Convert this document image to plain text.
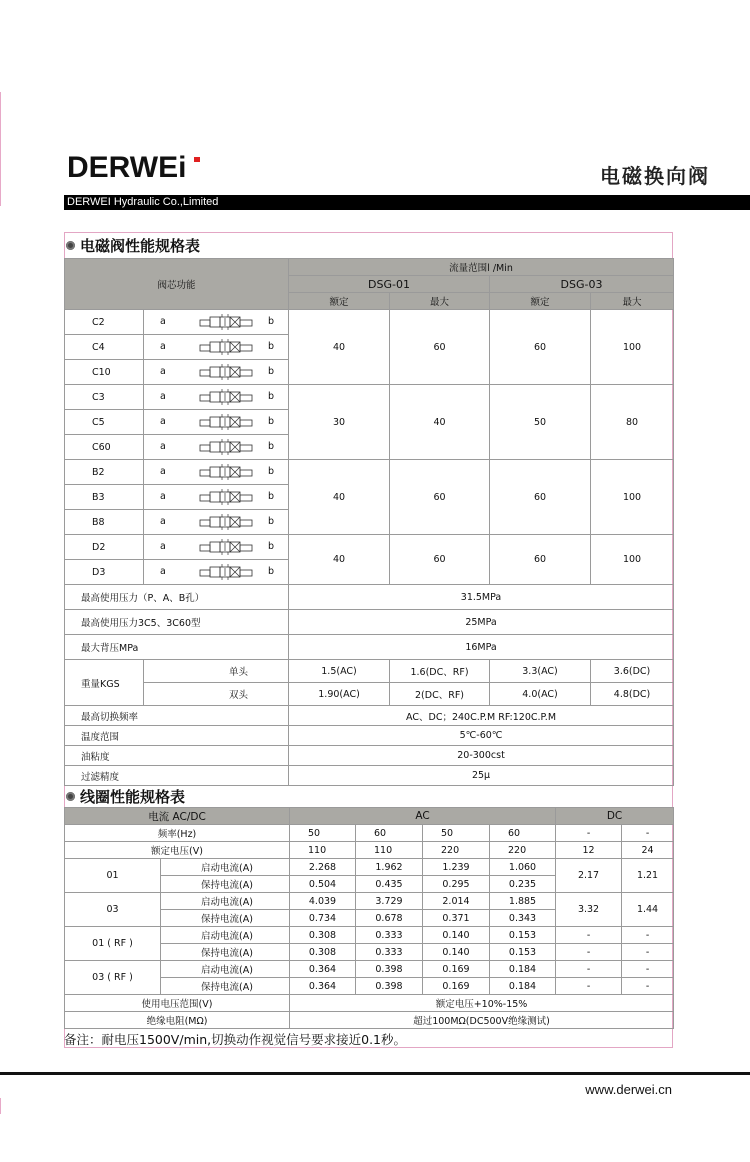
DERWEi	电磁换向阀
DERWEI Hydraulic Co.,Limited
电磁阀性能规格表
阀芯功能		流量范围l /Min			
		DSG-01		DSG-03	
		额定	最大	额定	最大
C2	a b	40	60	60	100
C4	a b				

C10	a b				

C3	a b	30	40	50	80
C5	a b				

C60	a b				

B2	a b	40	60	60	100
B3	a b				

B8	a b				

D2	a b	40	60	60	100
D3	a b				

最高使用压力（P、A、B孔）		31.5MPa			
最高使用压力3C5、3C60型		25MPa			
最大背压MPa		16MPa			
重量KGS	单头	1.5(AC)	1.6(DC、RF)	3.3(AC)	3.6(DC)
	双头	1.90(AC)	2(DC、RF)	4.0(AC)	4.8(DC)
最高切换频率		AC、DC；240C.P.M RF:120C.P.M			
温度范围		5℃-60℃			
油粘度		20-300cst			
过滤精度		25μ			
线圈性能规格表
电流 AC/DC		AC				DC	
频率(Hz)		50	60	50	60	-	-
额定电压(V)		110	110	220	220	12	24
01	启动电流(A)	2.268	1.962	1.239	1.060	2.17	1.21
	保持电流(A)	0.504	0.435	0.295	0.235		
03	启动电流(A)	4.039	3.729	2.014	1.885	3.32	1.44
	保持电流(A)	0.734	0.678	0.371	0.343		
01 ( RF )	启动电流(A)	0.308	0.333	0.140	0.153	-	-
	保持电流(A)	0.308	0.333	0.140	0.153	-	-
03 ( RF )	启动电流(A)	0.364	0.398	0.169	0.184	-	-
	保持电流(A)	0.364	0.398	0.169	0.184	-	-
使用电压范围(V)		额定电压+10%-15%					
绝缘电阻(MΩ)		超过100MΩ(DC500V绝缘测试)					
备注：耐电压1500V/min,切换动作视觉信号要求接近0.1秒。
www.derwei.cn
